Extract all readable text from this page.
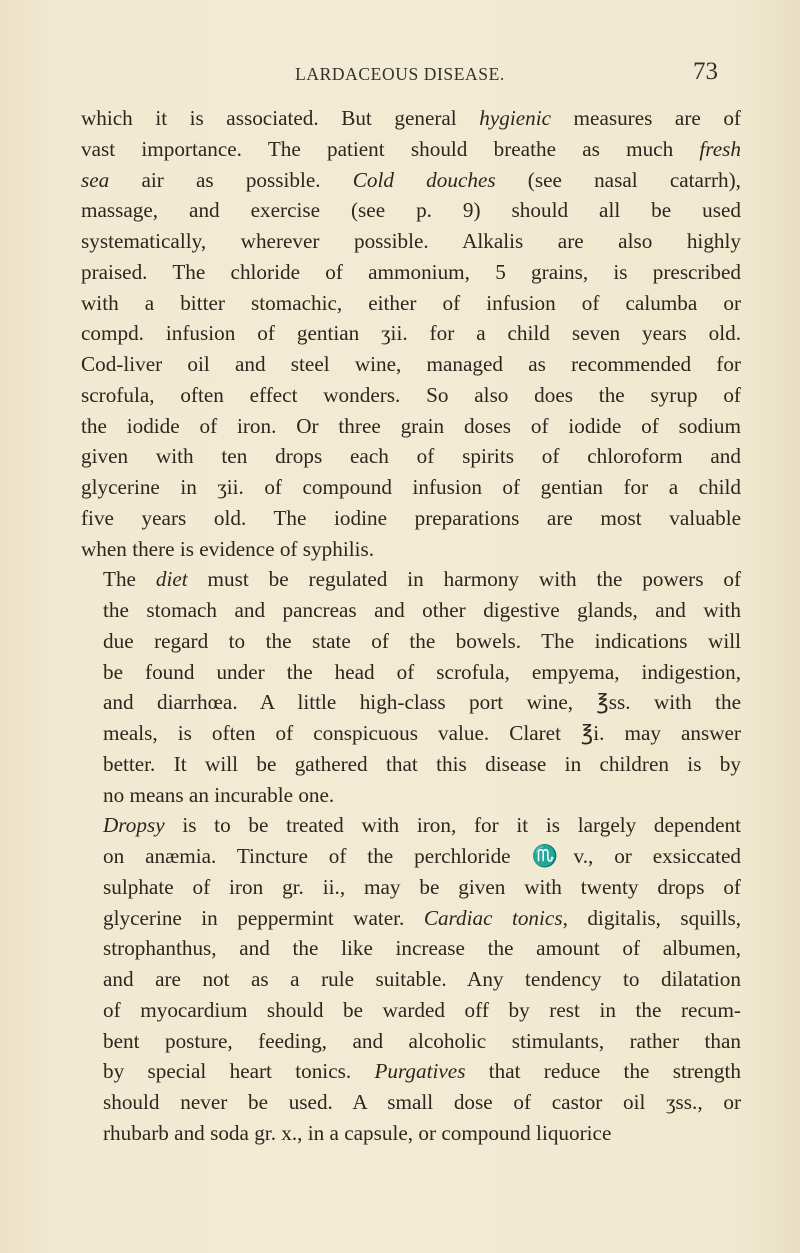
LARDACEOUS DISEASE.	73

which it is associated. But general hygienic measures are of
vast importance. The patient should breathe as much fresh
sea air as possible. Cold douches (see nasal catarrh),
massage, and exercise (see p. 9) should all be used
systematically, wherever possible. Alkalis are also highly
praised. The chloride of ammonium, 5 grains, is prescribed
with a bitter stomachic, either of infusion of calumba or
compd. infusion of gentian ʒii. for a child seven years old.
Cod-liver oil and steel wine, managed as recommended for
scrofula, often effect wonders. So also does the syrup of
the iodide of iron. Or three grain doses of iodide of sodium
given with ten drops each of spirits of chloroform and
glycerine in ʒii. of compound infusion of gentian for a child
five years old. The iodine preparations are most valuable
when there is evidence of syphilis.

The diet must be regulated in harmony with the powers of
the stomach and pancreas and other digestive glands, and with
due regard to the state of the bowels. The indications will
be found under the head of scrofula, empyema, indigestion,
and diarrhœa. A little high-class port wine, ℥ss. with the
meals, is often of conspicuous value. Claret ℥i. may answer
better. It will be gathered that this disease in children is by
no means an incurable one.

Dropsy is to be treated with iron, for it is largely dependent
on anæmia. Tincture of the perchloride ♏v., or exsiccated
sulphate of iron gr. ii., may be given with twenty drops of
glycerine in peppermint water. Cardiac tonics, digitalis, squills,
strophanthus, and the like increase the amount of albumen,
and are not as a rule suitable. Any tendency to dilatation
of myocardium should be warded off by rest in the recum-
bent posture, feeding, and alcoholic stimulants, rather than
by special heart tonics. Purgatives that reduce the strength
should never be used. A small dose of castor oil ʒss., or
rhubarb and soda gr. x., in a capsule, or compound liquorice
